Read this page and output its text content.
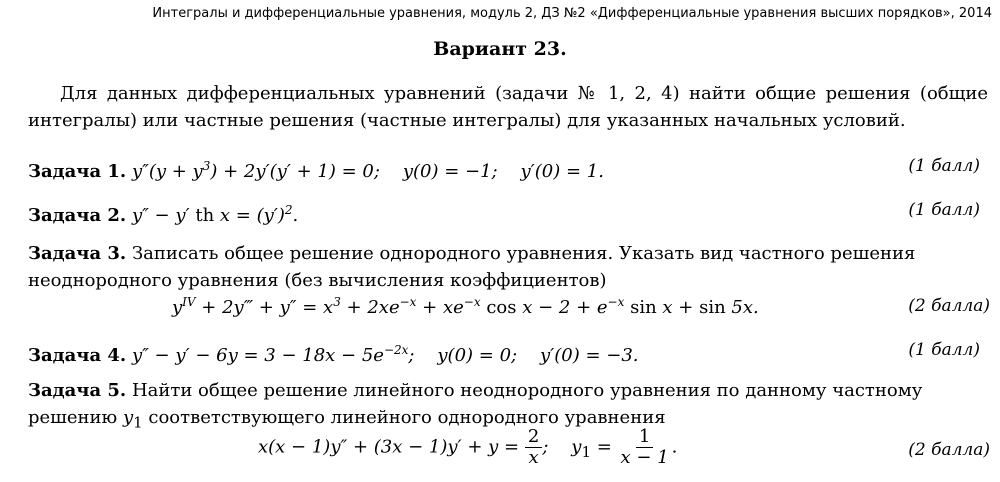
Интегралы и дифференциальные уравнения, модуль 2, ДЗ №2 «Дифференциальные уравнения высших порядков», 2014
Вариант 23.
Для данных дифференциальных уравнений (задачи № 1, 2, 4) найти общие решения (общие интегралы) или частные решения (частные интегралы) для указанных начальных условий.
Задача 1. $y''(y + y^3) + 2y'(y' + 1) = 0$;    y(0) = −1;    y′(0) = 1.	(1 балл)
Задача 2. y″ − y′ th $x = (y')^2$.	(1 балл)
Задача 3. Записать общее решение однородного уравнения. Указать вид частного решения неоднородного уравнения (без вычисления коэффициентов)
$y^{IV}$ + 2y‴ + $y'' = x^3 + 2xe^{-x} + xe^{-x}$ $\cos x - 2 + e^{-x}$ sin x + sin 5x.	(2 балла)
Задача 4. $y'' - y' - 6y = 3 - 18x - 5e^{-2x}$;    y(0) = 0;    y′(0) = −3.	(1 балл)
Задача 5. Найти общее решение линейного неоднородного уравнения по данному частному решению $y_1$ соответствующего линейного однородного уравнения
$x(x - 1)y'' + (3x - 1)y' + y = \frac{2}{x}$ ;    $y_1 = \frac{1}{x - 1}$ .	(2 балла)
